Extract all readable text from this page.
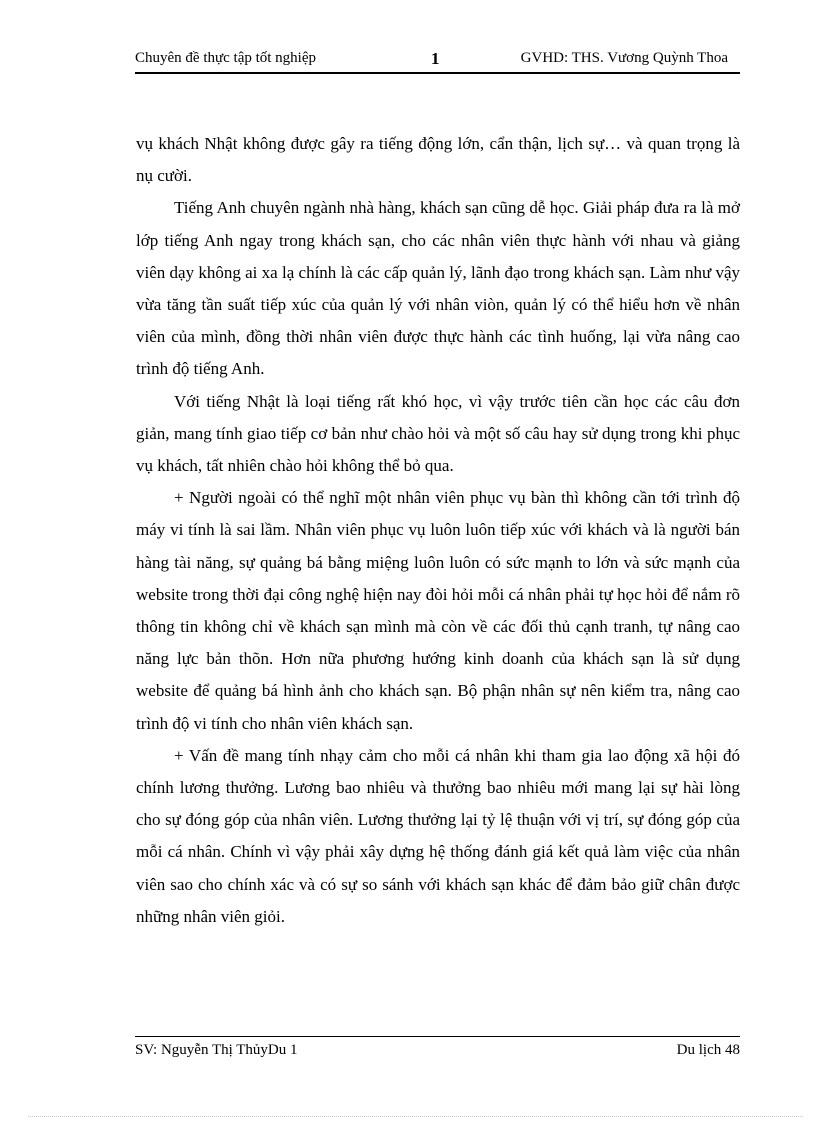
Chuyên đề thực tập tốt nghiệp	1	GVHD: THS. Vương Quỳnh Thoa

vụ khách Nhật không được gây ra tiếng động lớn, cẩn thận, lịch sự… và quan trọng là nụ cười.

Tiếng Anh chuyên ngành nhà hàng, khách sạn cũng dễ học. Giải pháp đưa ra là mở lớp tiếng Anh ngay trong khách sạn, cho các nhân viên thực hành với nhau và giảng viên dạy không ai xa lạ chính là các cấp quản lý, lãnh đạo trong khách sạn. Làm như vậy vừa tăng tần suất tiếp xúc của quản lý với nhân viòn, quản lý có thể hiểu hơn về nhân viên của mình, đồng thời nhân viên được thực hành các tình huống, lại vừa nâng cao trình độ tiếng Anh.

Với tiếng Nhật là loại tiếng rất khó học, vì vậy trước tiên cần học các câu đơn giản, mang tính giao tiếp cơ bản như chào hỏi và một số câu hay sử dụng trong khi phục vụ khách, tất nhiên chào hỏi không thể bỏ qua.

+ Người ngoài có thể nghĩ một nhân viên phục vụ bàn thì không cần tới trình độ máy vi tính là sai lầm. Nhân viên phục vụ luôn luôn tiếp xúc với khách và là người bán hàng tài năng, sự quảng bá bằng miệng luôn luôn có sức mạnh to lớn và sức mạnh của website trong thời đại công nghệ hiện nay đòi hỏi mỗi cá nhân phải tự học hỏi để nắm rõ thông tin không chỉ về khách sạn mình mà còn về các đối thủ cạnh tranh, tự nâng cao năng lực bản thõn. Hơn nữa phương hướng kinh doanh của khách sạn là sử dụng website để quảng bá hình ảnh cho khách sạn. Bộ phận nhân sự nên kiểm tra, nâng cao trình độ vi tính cho nhân viên khách sạn.

+ Vấn đề mang tính nhạy cảm cho mỗi cá nhân khi tham gia lao động xã hội đó chính lương thưởng. Lương bao nhiêu và thưởng bao nhiêu mới mang lại sự hài lòng cho sự đóng góp của nhân viên. Lương thưởng lại tỷ lệ thuận với vị trí, sự đóng góp của mỗi cá nhân. Chính vì vậy phải xây dựng hệ thống đánh giá kết quả làm việc của nhân viên sao cho chính xác và có sự so sánh với khách sạn khác để đảm bảo giữ chân được những nhân viên giỏi.

SV: Nguyễn Thị ThủyDu 1	Du lịch 48
